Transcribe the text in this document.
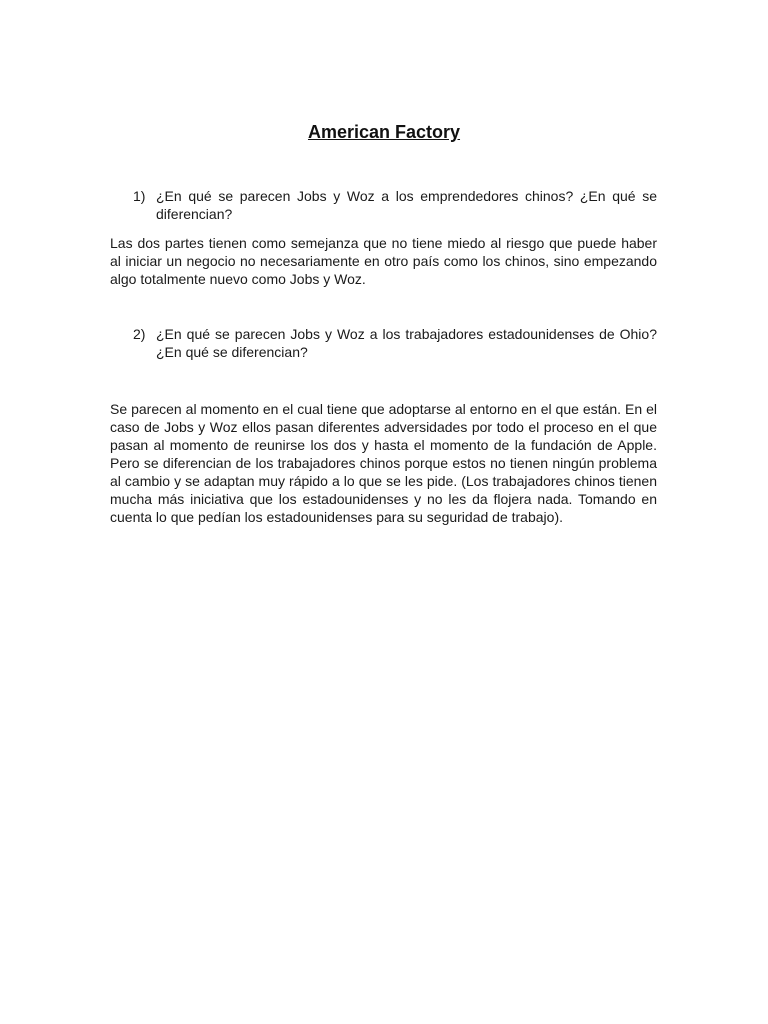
American Factory
1) ¿En qué se parecen Jobs y Woz a los emprendedores chinos? ¿En qué se diferencian?

Las dos partes tienen como semejanza que no tiene miedo al riesgo que puede haber al iniciar un negocio no necesariamente en otro país como los chinos, sino empezando algo totalmente nuevo como Jobs y Woz.

2) ¿En qué se parecen Jobs y Woz a los trabajadores estadounidenses de Ohio? ¿En qué se diferencian?

Se parecen al momento en el cual tiene que adoptarse al entorno en el que están. En el caso de Jobs y Woz ellos pasan diferentes adversidades por todo el proceso en el que pasan al momento de reunirse los dos y hasta el momento de la fundación de Apple. Pero se diferencian de los trabajadores chinos porque estos no tienen ningún problema al cambio y se adaptan muy rápido a lo que se les pide. (Los trabajadores chinos tienen mucha más iniciativa que los estadounidenses y no les da flojera nada. Tomando en cuenta lo que pedían los estadounidenses para su seguridad de trabajo).
